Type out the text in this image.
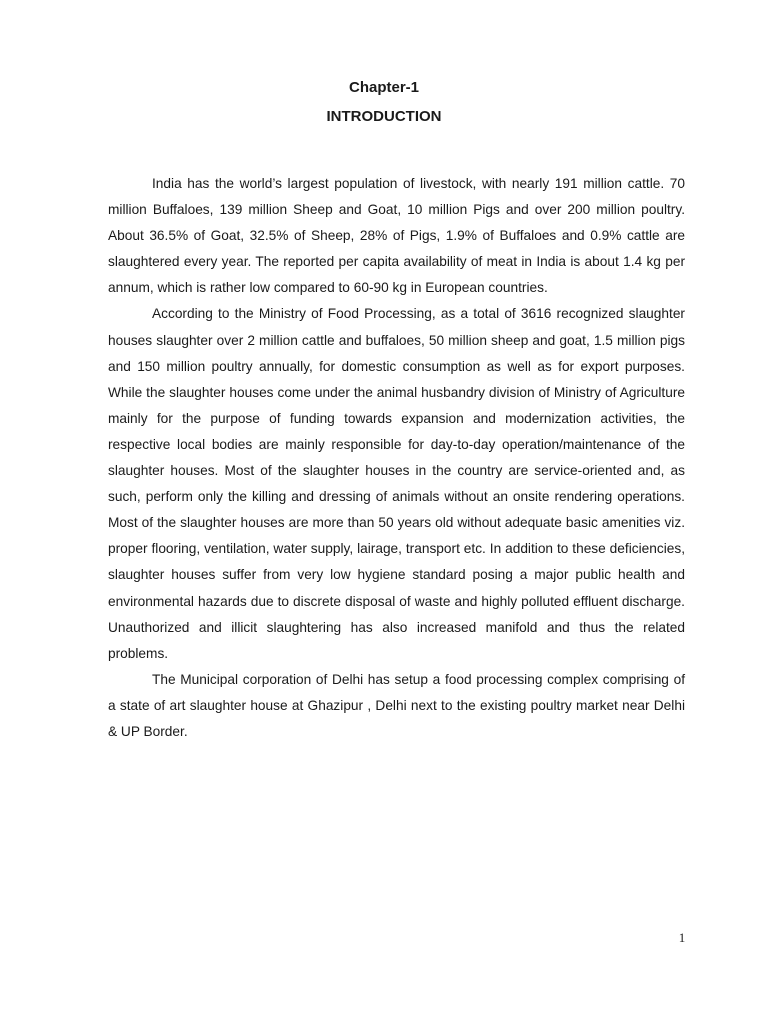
Chapter-1
INTRODUCTION

India has the world’s largest population of livestock, with nearly 191 million cattle. 70 million Buffaloes, 139 million Sheep and Goat, 10 million Pigs and over 200 million poultry. About 36.5% of Goat, 32.5% of Sheep, 28% of Pigs, 1.9% of Buffaloes and 0.9% cattle are slaughtered every year. The reported per capita availability of meat in India is about 1.4 kg per annum, which is rather low compared to 60-90 kg in European countries.

According to the Ministry of Food Processing, as a total of 3616 recognized slaughter houses slaughter over 2 million cattle and buffaloes, 50 million sheep and goat, 1.5 million pigs and 150 million poultry annually, for domestic consumption as well as for export purposes. While the slaughter houses come under the animal husbandry division of Ministry of Agriculture mainly for the purpose of funding towards expansion and modernization activities, the respective local bodies are mainly responsible for day-to-day operation/maintenance of the slaughter houses. Most of the slaughter houses in the country are service-oriented and, as such, perform only the killing and dressing of animals without an onsite rendering operations. Most of the slaughter houses are more than 50 years old without adequate basic amenities viz. proper flooring, ventilation, water supply, lairage, transport etc. In addition to these deficiencies, slaughter houses suffer from very low hygiene standard posing a major public health and environmental hazards due to discrete disposal of waste and highly polluted effluent discharge. Unauthorized and illicit slaughtering has also increased manifold and thus the related problems.

The Municipal corporation of Delhi has setup a food processing complex comprising of a state of art slaughter house at Ghazipur , Delhi next to the existing poultry market near Delhi & UP Border.

1
